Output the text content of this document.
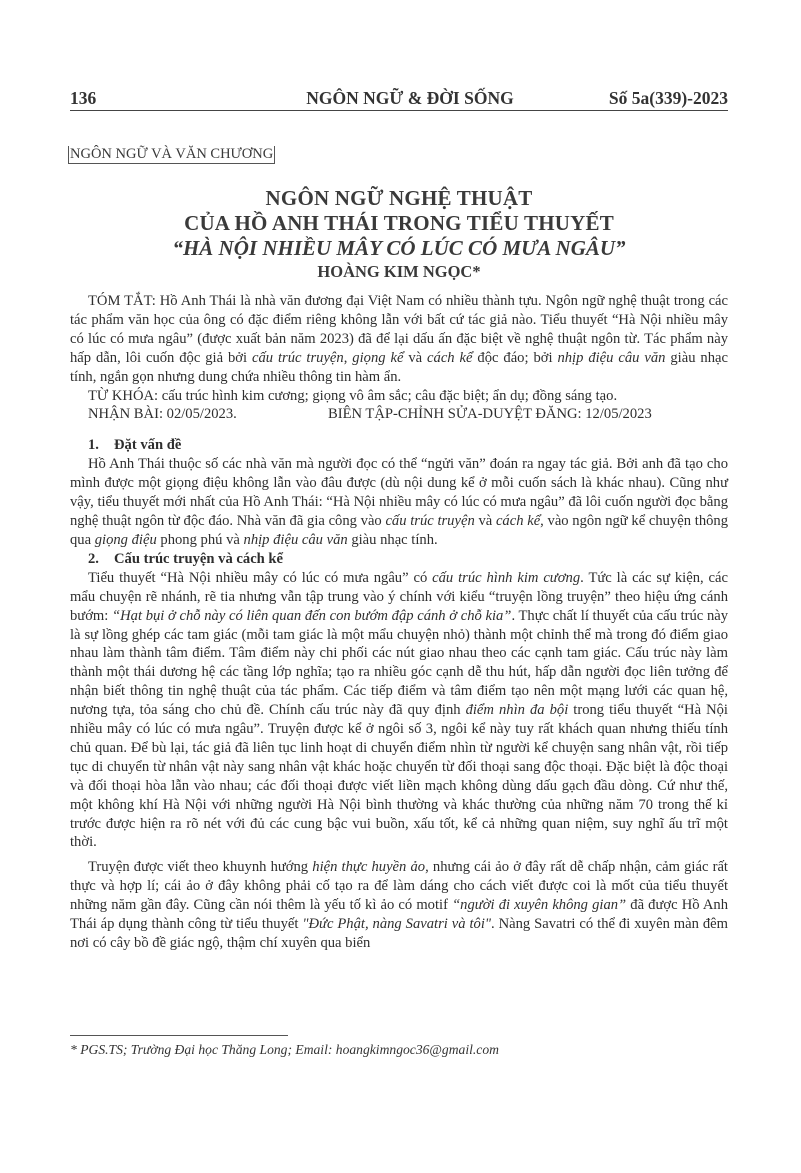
136	NGÔN NGỮ & ĐỜI SỐNG	Số 5a(339)-2023
NGÔN NGỮ VÀ VĂN CHƯƠNG
NGÔN NGỮ NGHỆ THUẬT
CỦA HỒ ANH THÁI TRONG TIỂU THUYẾT
“HÀ NỘI NHIỀU MÂY CÓ LÚC CÓ MƯA NGÂU”
HOÀNG KIM NGỌC*

TÓM TẮT: Hồ Anh Thái là nhà văn đương đại Việt Nam có nhiều thành tựu. Ngôn ngữ nghệ thuật trong các tác phẩm văn học của ông có đặc điểm riêng không lẫn với bất cứ tác giả nào. Tiểu thuyết “Hà Nội nhiều mây có lúc có mưa ngâu” (được xuất bản năm 2023) đã để lại dấu ấn đặc biệt về nghệ thuật ngôn từ. Tác phẩm này hấp dẫn, lôi cuốn độc giả bởi cấu trúc truyện, giọng kể và cách kể độc đáo; bởi nhịp điệu câu văn giàu nhạc tính, ngắn gọn nhưng dung chứa nhiều thông tin hàm ẩn.

TỪ KHÓA: cấu trúc hình kim cương; giọng vô âm sắc; câu đặc biệt; ẩn dụ; đồng sáng tạo.

NHẬN BÀI: 02/05/2023.	BIÊN TẬP-CHỈNH SỬA-DUYỆT ĐĂNG: 12/05/2023

1. Đặt vấn đề

Hồ Anh Thái thuộc số các nhà văn mà người đọc có thể “ngửi văn” đoán ra ngay tác giả. Bởi anh đã tạo cho mình được một giọng điệu không lẫn vào đâu được (dù nội dung kể ở mỗi cuốn sách là khác nhau). Cũng như vậy, tiểu thuyết mới nhất của Hồ Anh Thái: “Hà Nội nhiều mây có lúc có mưa ngâu” đã lôi cuốn người đọc bằng nghệ thuật ngôn từ độc đáo. Nhà văn đã gia công vào cấu trúc truyện và cách kể, vào ngôn ngữ kể chuyện thông qua giọng điệu phong phú và nhịp điệu câu văn giàu nhạc tính.

2. Cấu trúc truyện và cách kể

Tiểu thuyết “Hà Nội nhiều mây có lúc có mưa ngâu” có cấu trúc hình kim cương. Tức là các sự kiện, các mẩu chuyện rẽ nhánh, rẽ tia nhưng vẫn tập trung vào ý chính với kiểu “truyện lồng truyện” theo hiệu ứng cánh bướm: “Hạt bụi ở chỗ này có liên quan đến con bướm đập cánh ở chỗ kia”. Thực chất lí thuyết của cấu trúc này là sự lồng ghép các tam giác (mỗi tam giác là một mẩu chuyện nhỏ) thành một chỉnh thể mà trong đó điểm giao nhau làm thành tâm điểm. Tâm điểm này chi phối các nút giao nhau theo các cạnh tam giác. Cấu trúc này làm thành một thái dương hệ các tầng lớp nghĩa; tạo ra nhiều góc cạnh dễ thu hút, hấp dẫn người đọc liên tưởng để nhận biết thông tin nghệ thuật của tác phẩm. Các tiếp điểm và tâm điểm tạo nên một mạng lưới các quan hệ, nương tựa, tỏa sáng cho chủ đề. Chính cấu trúc này đã quy định điểm nhìn đa bội trong tiểu thuyết “Hà Nội nhiều mây có lúc có mưa ngâu”. Truyện được kể ở ngôi số 3, ngôi kể này tuy rất khách quan nhưng thiếu tính chủ quan. Để bù lại, tác giả đã liên tục linh hoạt di chuyển điểm nhìn từ người kể chuyện sang nhân vật, rồi tiếp tục di chuyển từ nhân vật này sang nhân vật khác hoặc chuyển từ đối thoại sang độc thoại. Đặc biệt là độc thoại và đối thoại hòa lẫn vào nhau; các đối thoại được viết liền mạch không dùng dấu gạch đầu dòng. Cứ như thế, một không khí Hà Nội với những người Hà Nội bình thường và khác thường của những năm 70 trong thế kỉ trước được hiện ra rõ nét với đủ các cung bậc vui buồn, xấu tốt, kể cả những quan niệm, suy nghĩ ấu trĩ một thời.

Truyện được viết theo khuynh hướng hiện thực huyền ảo, nhưng cái ảo ở đây rất dễ chấp nhận, cảm giác rất thực và hợp lí; cái ảo ở đây không phải cố tạo ra để làm dáng cho cách viết được coi là mốt của tiểu thuyết những năm gần đây. Cũng cần nói thêm là yếu tố kì ảo có motif “người đi xuyên không gian” đã được Hồ Anh Thái áp dụng thành công từ tiểu thuyết "Đức Phật, nàng Savatri và tôi". Nàng Savatri có thể đi xuyên màn đêm nơi có cây bồ đề giác ngộ, thậm chí xuyên qua biển

* PGS.TS; Trường Đại học Thăng Long; Email: hoangkimngoc36@gmail.com
